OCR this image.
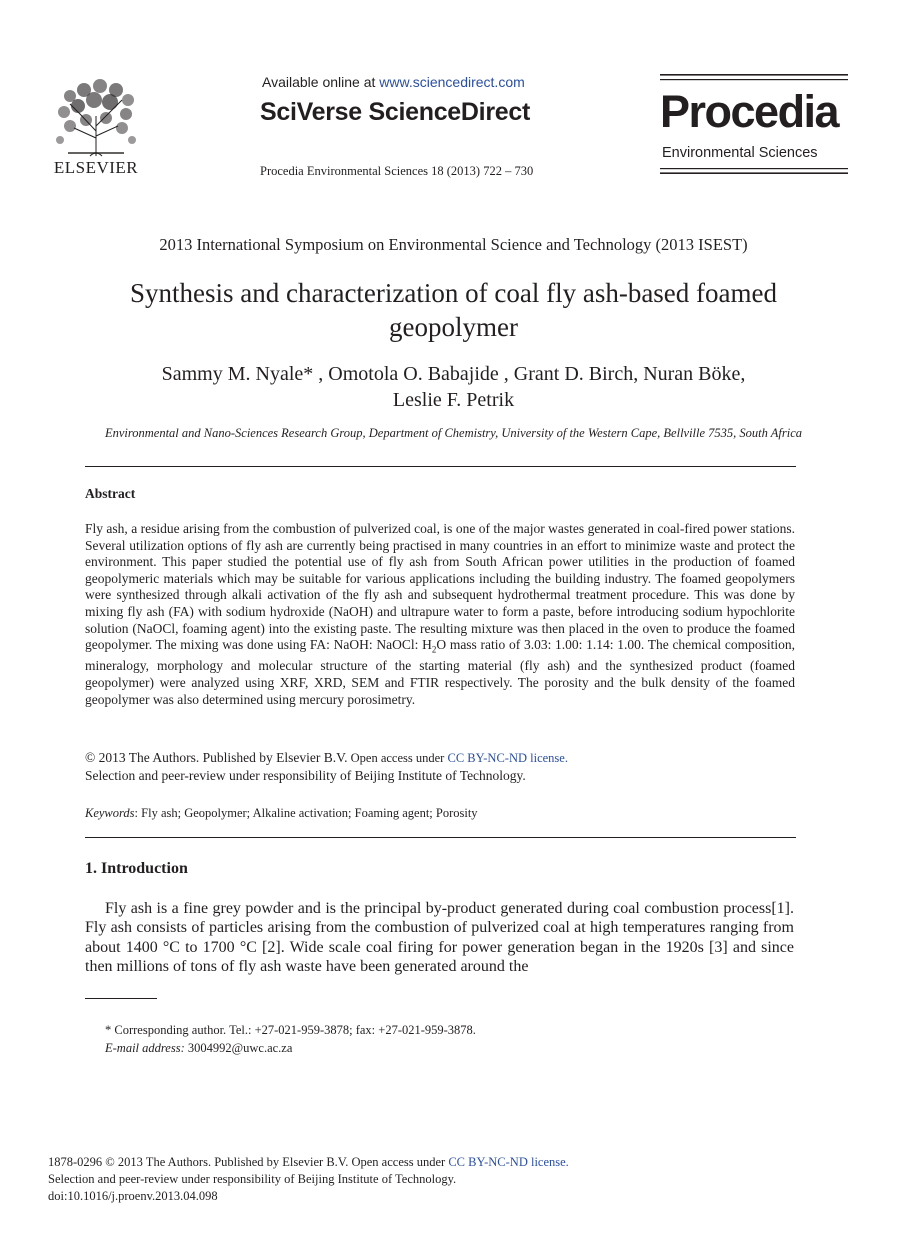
ELSEVIER
Available online at www.sciencedirect.com
SciVerse ScienceDirect
Procedia Environmental Sciences 18 (2013) 722 – 730
Procedia
Environmental Sciences
2013 International Symposium on Environmental Science and Technology (2013 ISEST)
Synthesis and characterization of coal fly ash-based foamed geopolymer
Sammy M. Nyale* , Omotola O. Babajide , Grant D. Birch, Nuran Böke,
Leslie F. Petrik
Environmental and Nano-Sciences Research Group, Department of Chemistry, University of the Western Cape, Bellville 7535, South Africa
Abstract
Fly ash, a residue arising from the combustion of pulverized coal, is one of the major wastes generated in coal-fired power stations. Several utilization options of fly ash are currently being practised in many countries in an effort to minimize waste and protect the environment. This paper studied the potential use of fly ash from South African power utilities in the production of foamed geopolymeric materials which may be suitable for various applications including the building industry. The foamed geopolymers were synthesized through alkali activation of the fly ash and subsequent hydrothermal treatment procedure. This was done by mixing fly ash (FA) with sodium hydroxide (NaOH) and ultrapure water to form a paste, before introducing sodium hypochlorite solution (NaOCl, foaming agent) into the existing paste. The resulting mixture was then placed in the oven to produce the foamed geopolymer. The mixing was done using FA: NaOH: NaOCl: $H_2O$ mass ratio of 3.03: 1.00: 1.14: 1.00. The chemical composition, mineralogy, morphology and molecular structure of the starting material (fly ash) and the synthesized product (foamed geopolymer) were analyzed using XRF, XRD, SEM and FTIR respectively. The porosity and the bulk density of the foamed geopolymer was also determined using mercury porosimetry.
© 2013 The Authors. Published by Elsevier B.V. Open access under CC BY-NC-ND license.
Selection and peer-review under responsibility of Beijing Institute of Technology.
Keywords: Fly ash; Geopolymer; Alkaline activation; Foaming agent; Porosity
1. Introduction
Fly ash is a fine grey powder and is the principal by-product generated during coal combustion process[1]. Fly ash consists of particles arising from the combustion of pulverized coal at high temperatures ranging from about 1400 °C to 1700 °C [2]. Wide scale coal firing for power generation began in the 1920s [3] and since then millions of tons of fly ash waste have been generated around the
* Corresponding author. Tel.: +27-021-959-3878; fax: +27-021-959-3878.
E-mail address: 3004992@uwc.ac.za
1878-0296 © 2013 The Authors. Published by Elsevier B.V. Open access under CC BY-NC-ND license.
Selection and peer-review under responsibility of Beijing Institute of Technology.
doi:10.1016/j.proenv.2013.04.098
